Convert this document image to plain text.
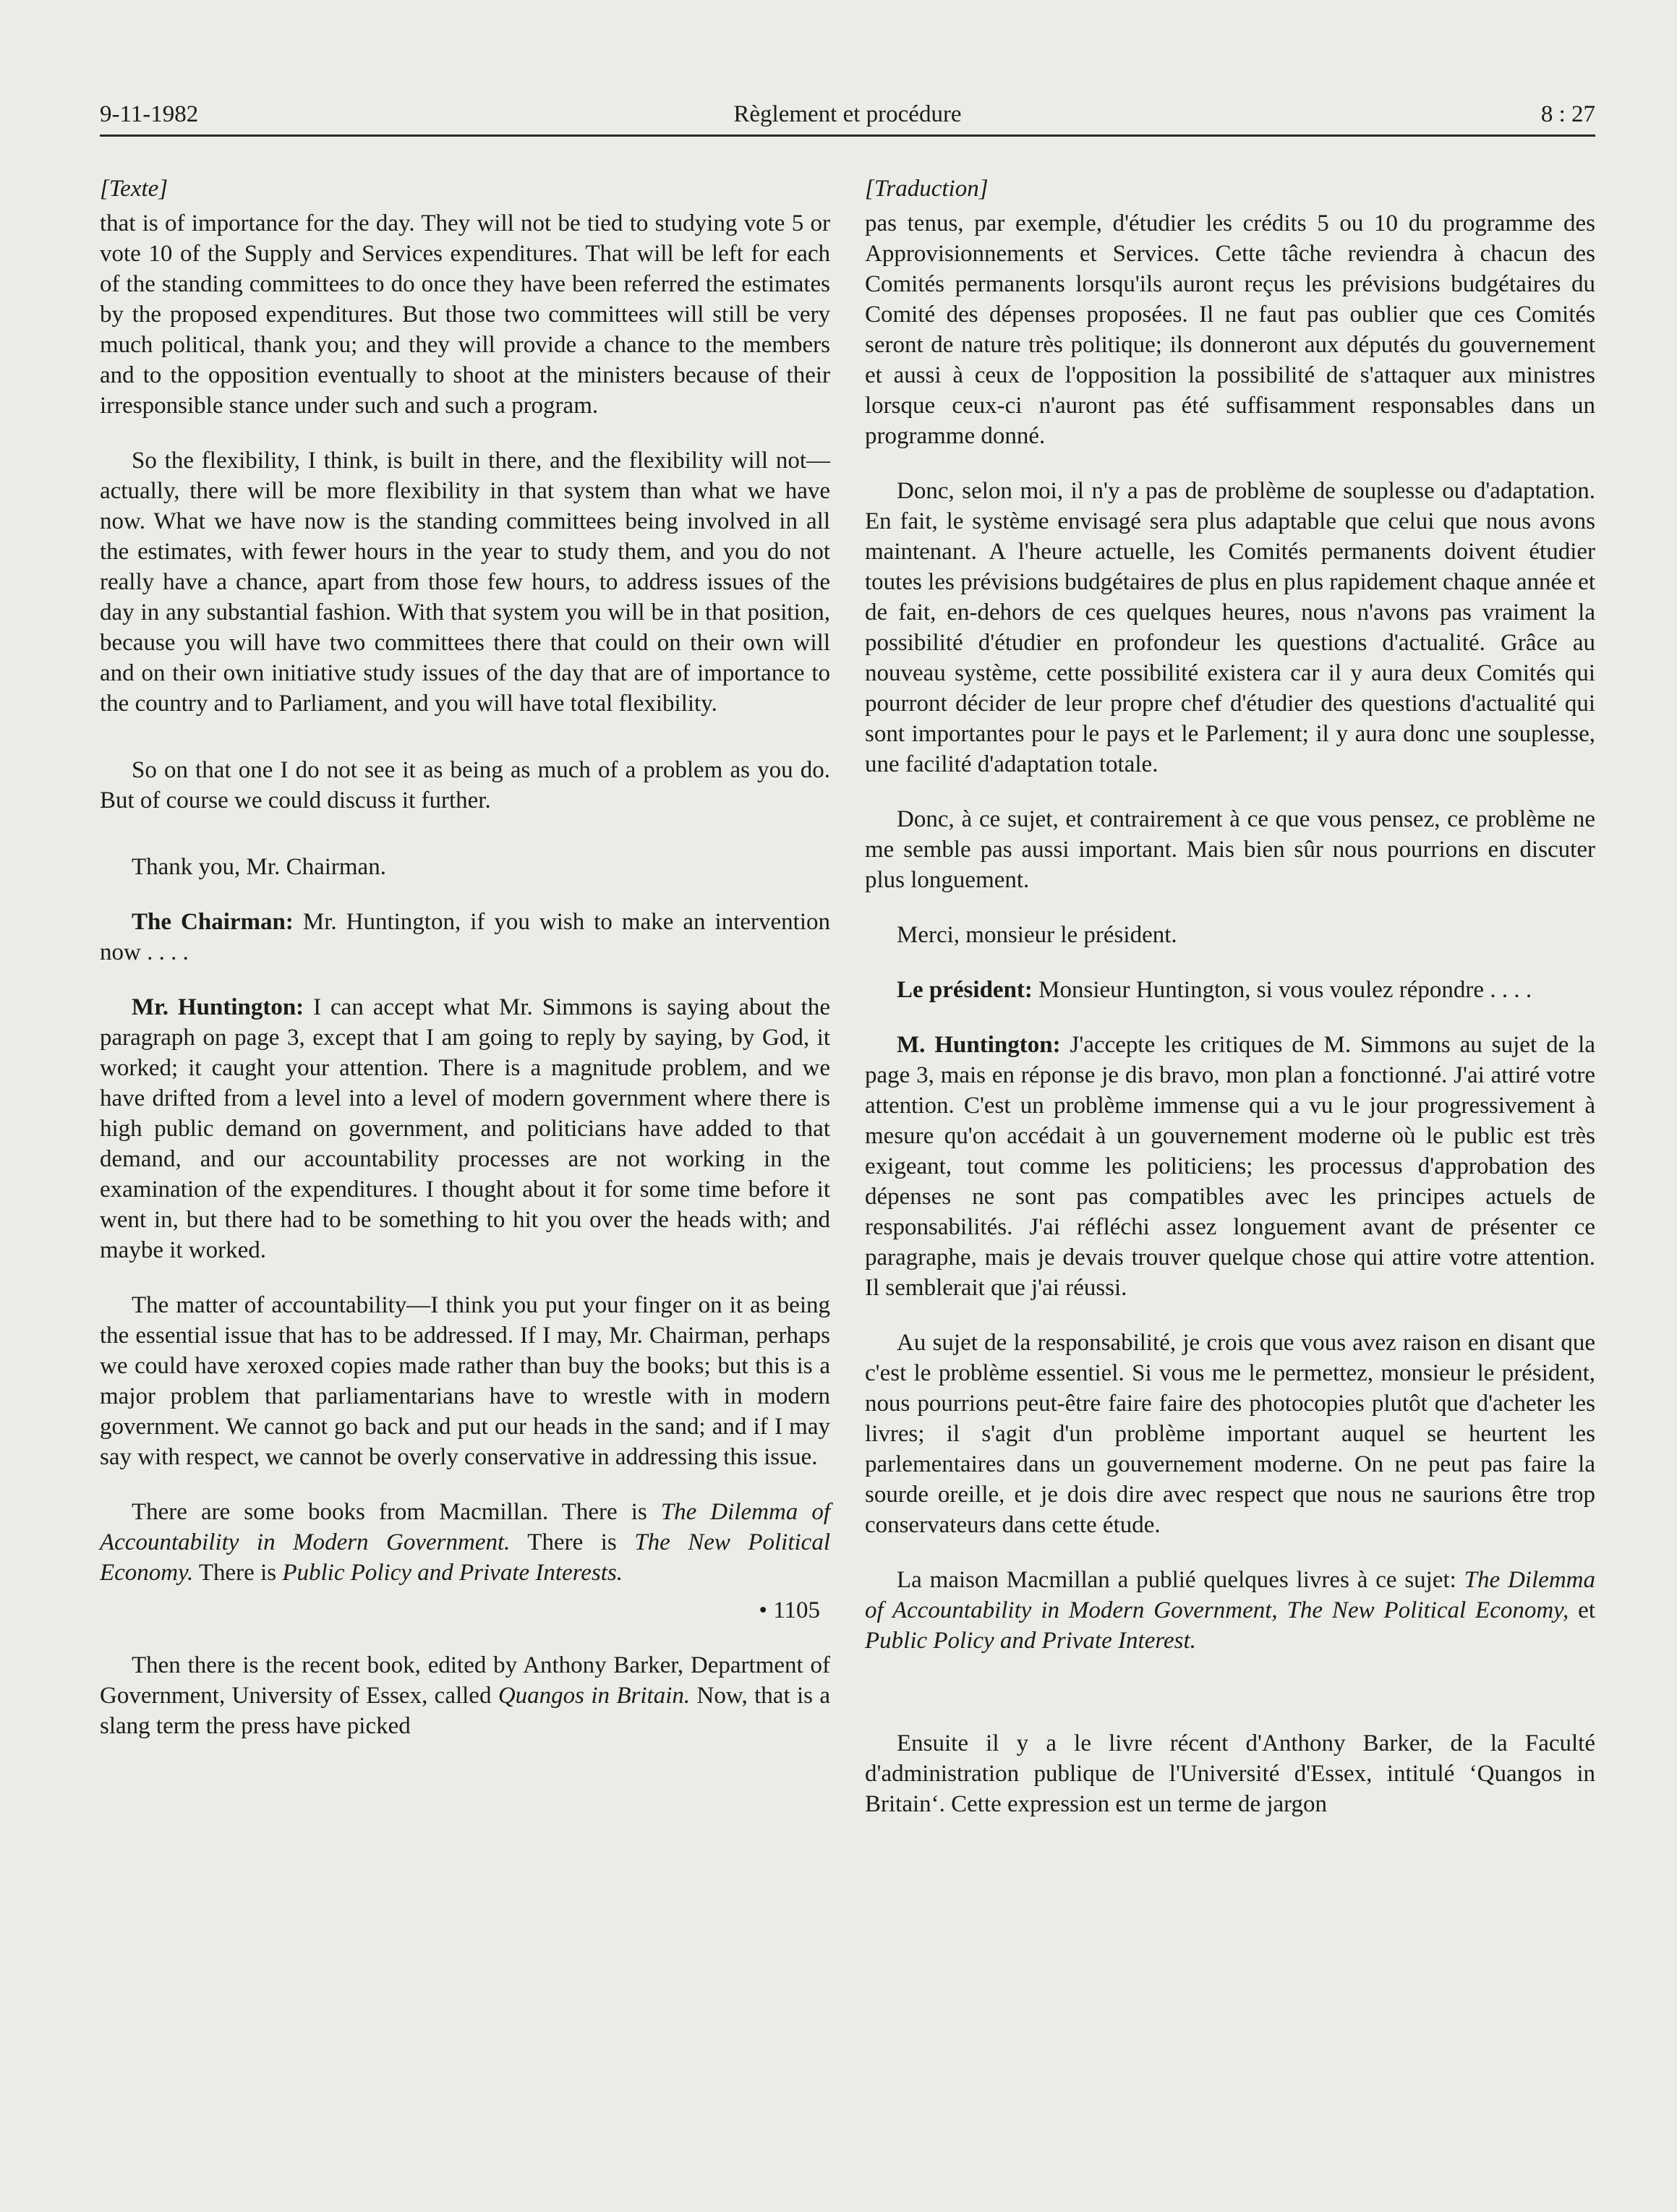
Règlement et procédure
9-11-1982	8 : 27

[Texte]

that is of importance for the day. They will not be tied to studying vote 5 or vote 10 of the Supply and Services expenditures. That will be left for each of the standing committees to do once they have been referred the estimates by the proposed expenditures. But those two committees will still be very much political, thank you; and they will provide a chance to the members and to the opposition eventually to shoot at the ministers because of their irresponsible stance under such and such a program.

So the flexibility, I think, is built in there, and the flexibility will not—actually, there will be more flexibility in that system than what we have now. What we have now is the standing committees being involved in all the estimates, with fewer hours in the year to study them, and you do not really have a chance, apart from those few hours, to address issues of the day in any substantial fashion. With that system you will be in that position, because you will have two committees there that could on their own will and on their own initiative study issues of the day that are of importance to the country and to Parliament, and you will have total flexibility.

So on that one I do not see it as being as much of a problem as you do. But of course we could discuss it further.

Thank you, Mr. Chairman.

The Chairman: Mr. Huntington, if you wish to make an intervention now . . . .

Mr. Huntington: I can accept what Mr. Simmons is saying about the paragraph on page 3, except that I am going to reply by saying, by God, it worked; it caught your attention. There is a magnitude problem, and we have drifted from a level into a level of modern government where there is high public demand on government, and politicians have added to that demand, and our accountability processes are not working in the examination of the expenditures. I thought about it for some time before it went in, but there had to be something to hit you over the heads with; and maybe it worked.

The matter of accountability—I think you put your finger on it as being the essential issue that has to be addressed. If I may, Mr. Chairman, perhaps we could have xeroxed copies made rather than buy the books; but this is a major problem that parliamentarians have to wrestle with in modern government. We cannot go back and put our heads in the sand; and if I may say with respect, we cannot be overly conservative in addressing this issue.

There are some books from Macmillan. There is The Dilemma of Accountability in Modern Government. There is The New Political Economy. There is Public Policy and Private Interests.

• 1105

Then there is the recent book, edited by Anthony Barker, Department of Government, University of Essex, called Quangos in Britain. Now, that is a slang term the press have picked

[Traduction]

pas tenus, par exemple, d'étudier les crédits 5 ou 10 du programme des Approvisionnements et Services. Cette tâche reviendra à chacun des Comités permanents lorsqu'ils auront reçus les prévisions budgétaires du Comité des dépenses proposées. Il ne faut pas oublier que ces Comités seront de nature très politique; ils donneront aux députés du gouvernement et aussi à ceux de l'opposition la possibilité de s'attaquer aux ministres lorsque ceux-ci n'auront pas été suffisamment responsables dans un programme donné.

Donc, selon moi, il n'y a pas de problème de souplesse ou d'adaptation. En fait, le système envisagé sera plus adaptable que celui que nous avons maintenant. A l'heure actuelle, les Comités permanents doivent étudier toutes les prévisions budgétaires de plus en plus rapidement chaque année et de fait, en-dehors de ces quelques heures, nous n'avons pas vraiment la possibilité d'étudier en profondeur les questions d'actualité. Grâce au nouveau système, cette possibilité existera car il y aura deux Comités qui pourront décider de leur propre chef d'étudier des questions d'actualité qui sont importantes pour le pays et le Parlement; il y aura donc une souplesse, une facilité d'adaptation totale.

Donc, à ce sujet, et contrairement à ce que vous pensez, ce problème ne me semble pas aussi important. Mais bien sûr nous pourrions en discuter plus longuement.

Merci, monsieur le président.

Le président: Monsieur Huntington, si vous voulez répondre . . . .

M. Huntington: J'accepte les critiques de M. Simmons au sujet de la page 3, mais en réponse je dis bravo, mon plan a fonctionné. J'ai attiré votre attention. C'est un problème immense qui a vu le jour progressivement à mesure qu'on accédait à un gouvernement moderne où le public est très exigeant, tout comme les politiciens; les processus d'approbation des dépenses ne sont pas compatibles avec les principes actuels de responsabilités. J'ai réfléchi assez longuement avant de présenter ce paragraphe, mais je devais trouver quelque chose qui attire votre attention. Il semblerait que j'ai réussi.

Au sujet de la responsabilité, je crois que vous avez raison en disant que c'est le problème essentiel. Si vous me le permettez, monsieur le président, nous pourrions peut-être faire faire des photocopies plutôt que d'acheter les livres; il s'agit d'un problème important auquel se heurtent les parlementaires dans un gouvernement moderne. On ne peut pas faire la sourde oreille, et je dois dire avec respect que nous ne saurions être trop conservateurs dans cette étude.

La maison Macmillan a publié quelques livres à ce sujet: The Dilemma of Accountability in Modern Government, The New Political Economy, et Public Policy and Private Interest.

Ensuite il y a le livre récent d'Anthony Barker, de la Faculté d'administration publique de l'Université d'Essex, intitulé ‘Quangos in Britain‘. Cette expression est un terme de jargon
